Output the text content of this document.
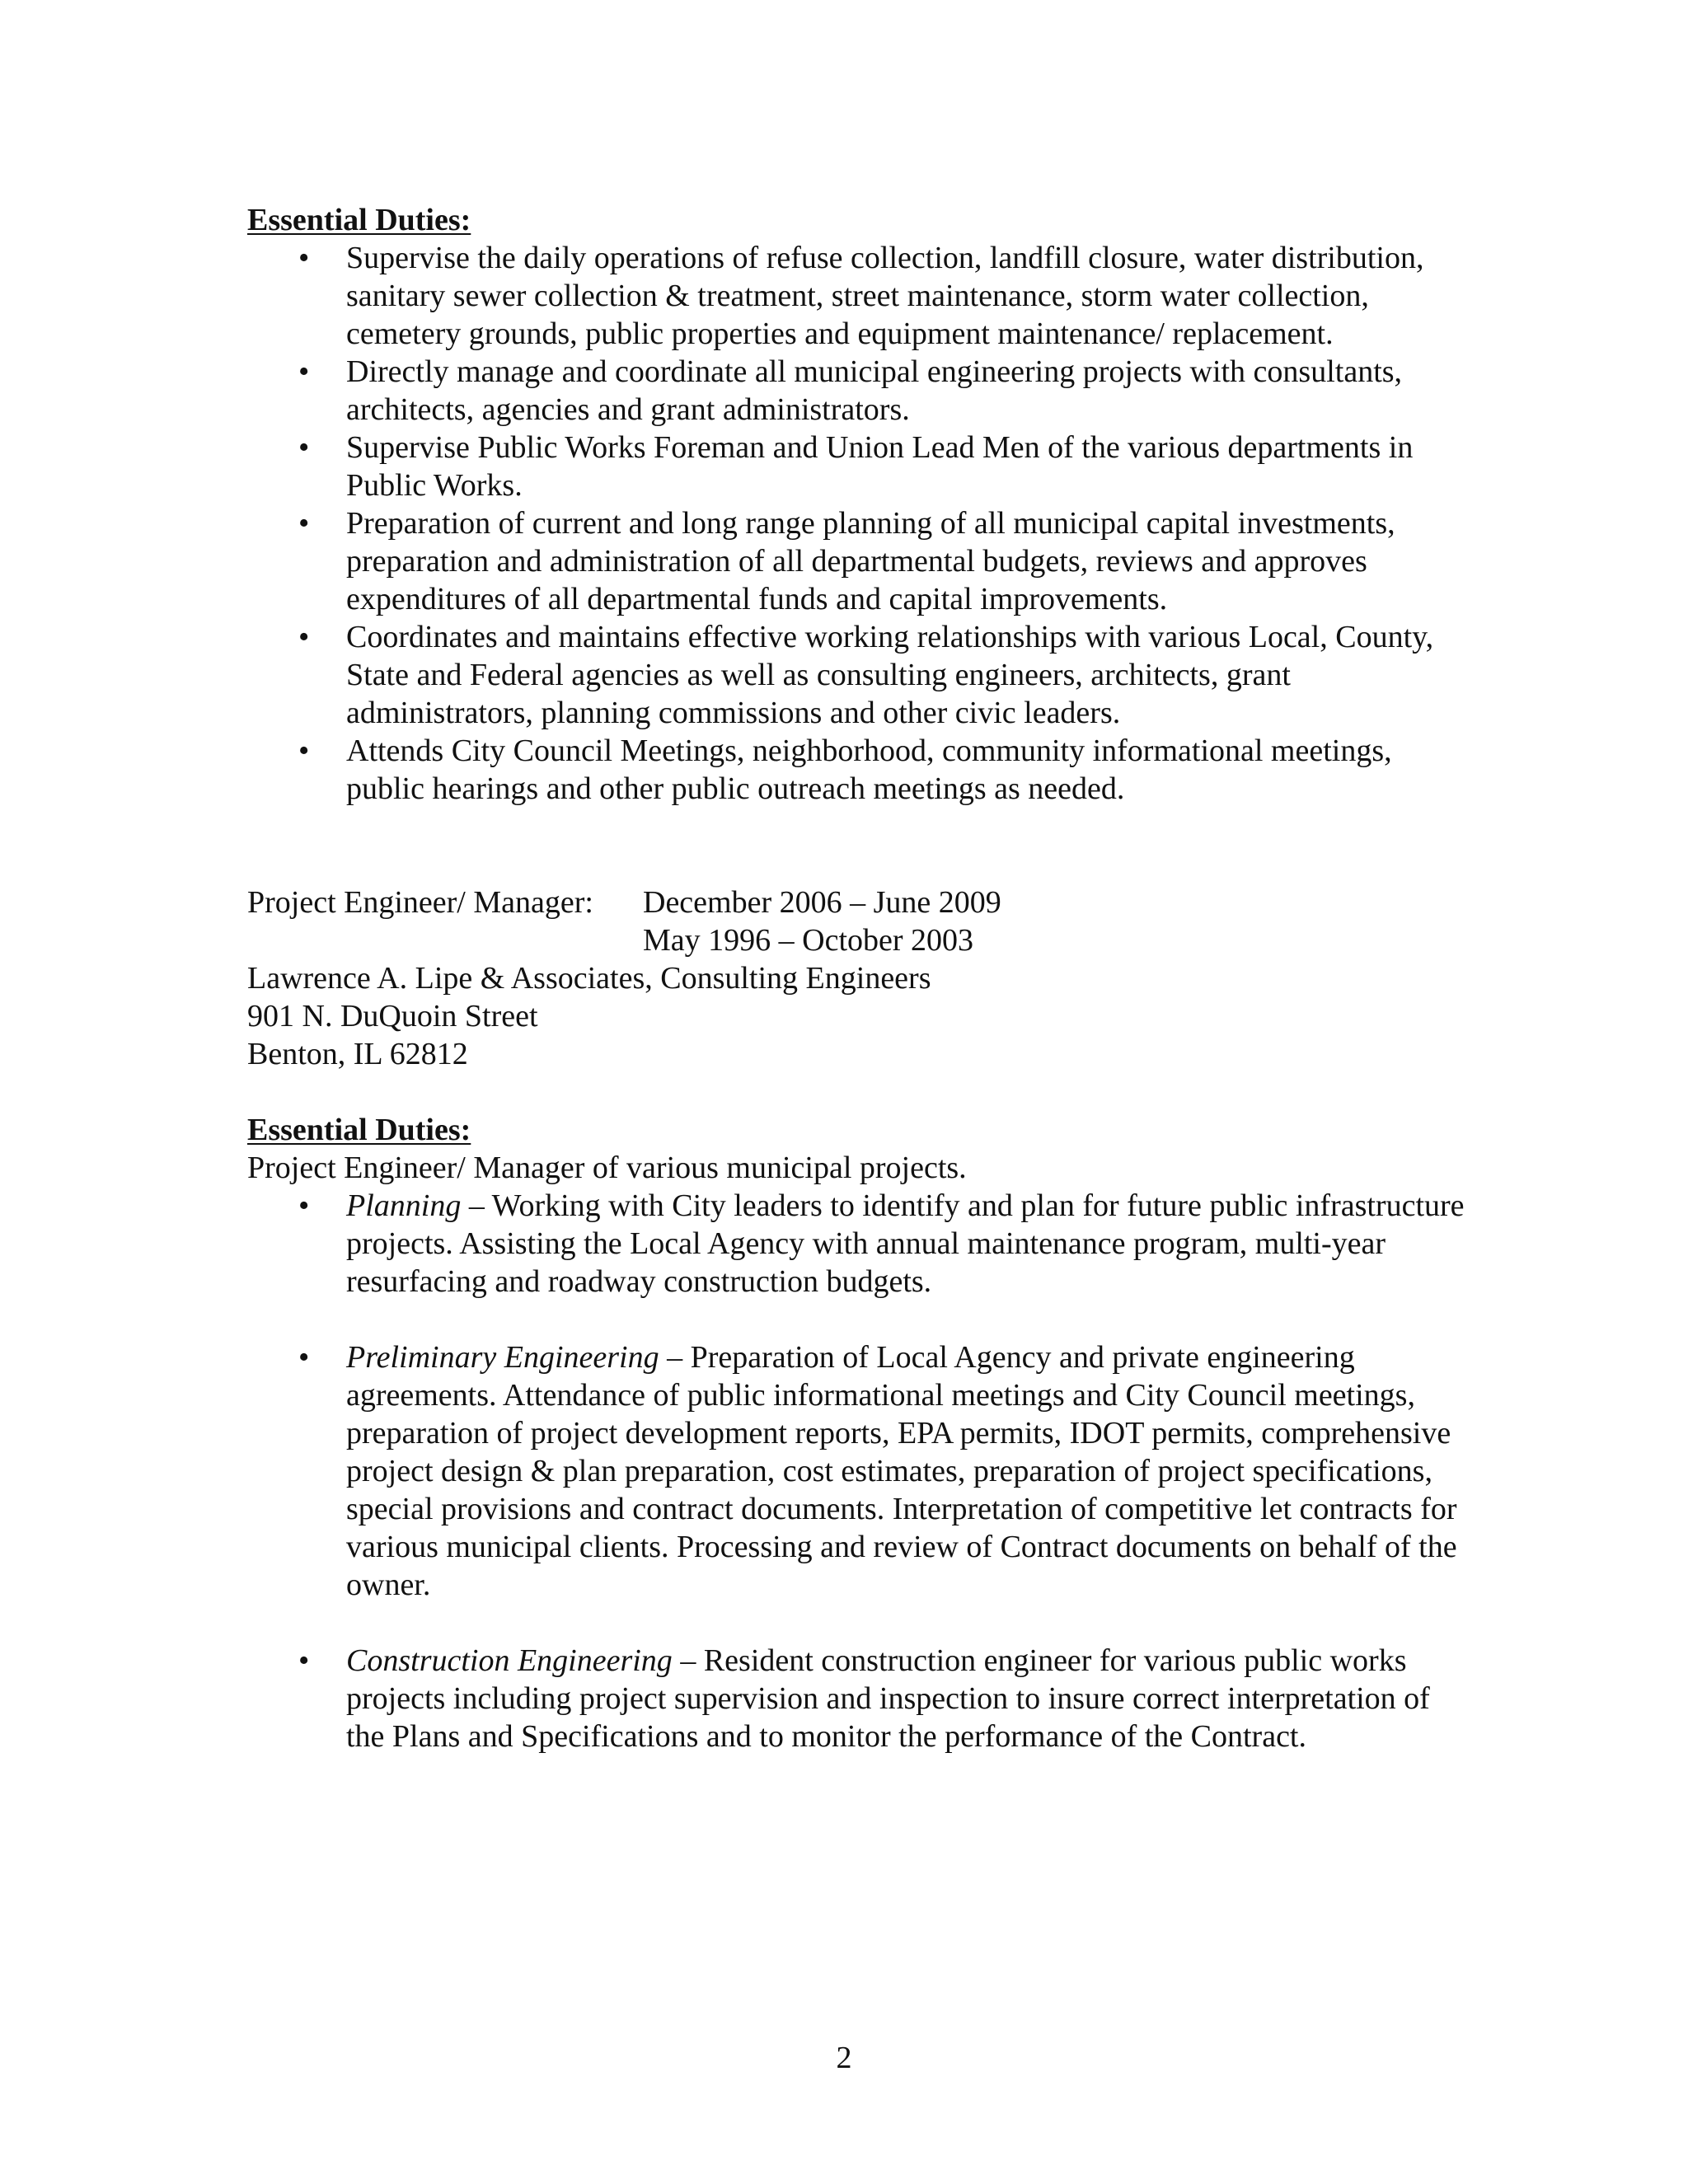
Essential Duties:
• Supervise the daily operations of refuse collection, landfill closure, water distribution, sanitary sewer collection & treatment, street maintenance, storm water collection, cemetery grounds, public properties and equipment maintenance/ replacement.
• Directly manage and coordinate all municipal engineering projects with consultants, architects, agencies and grant administrators.
• Supervise Public Works Foreman and Union Lead Men of the various departments in Public Works.
• Preparation of current and long range planning of all municipal capital investments, preparation and administration of all departmental budgets, reviews and approves expenditures of all departmental funds and capital improvements.
• Coordinates and maintains effective working relationships with various Local, County, State and Federal agencies as well as consulting engineers, architects, grant administrators, planning commissions and other civic leaders.
• Attends City Council Meetings, neighborhood, community informational meetings, public hearings and other public outreach meetings as needed.
Project Engineer/ Manager:	December 2006 – June 2009
May 1996 – October 2003
Lawrence A. Lipe & Associates, Consulting Engineers
901 N. DuQuoin Street
Benton, IL 62812
Essential Duties:
Project Engineer/ Manager of various municipal projects.
• Planning – Working with City leaders to identify and plan for future public infrastructure projects. Assisting the Local Agency with annual maintenance program, multi-year resurfacing and roadway construction budgets.
• Preliminary Engineering – Preparation of Local Agency and private engineering agreements. Attendance of public informational meetings and City Council meetings, preparation of project development reports, EPA permits, IDOT permits, comprehensive project design & plan preparation, cost estimates, preparation of project specifications, special provisions and contract documents. Interpretation of competitive let contracts for various municipal clients. Processing and review of Contract documents on behalf of the owner.
• Construction Engineering – Resident construction engineer for various public works projects including project supervision and inspection to insure correct interpretation of the Plans and Specifications and to monitor the performance of the Contract.
2
